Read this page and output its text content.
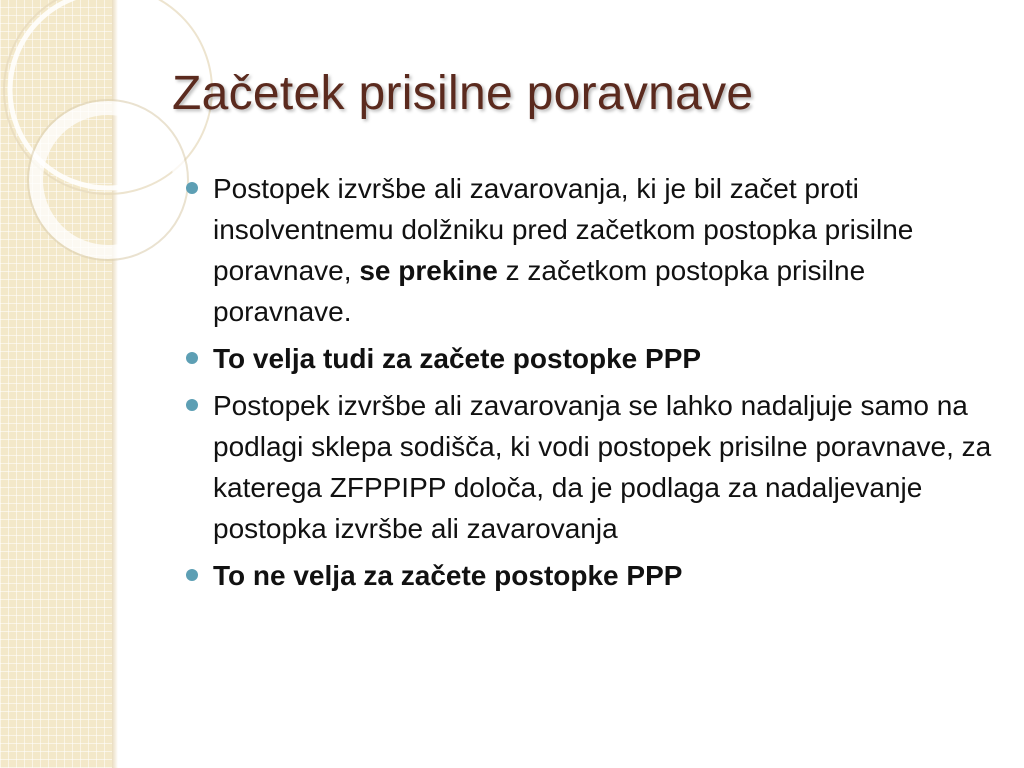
Začetek prisilne poravnave
Postopek izvršbe ali zavarovanja, ki je bil začet proti insolventnemu dolžniku pred začetkom postopka prisilne poravnave, se prekine z začetkom postopka prisilne poravnave.
To velja tudi za začete postopke PPP
Postopek izvršbe ali zavarovanja se lahko nadaljuje samo na podlagi sklepa sodišča, ki vodi postopek prisilne poravnave, za katerega ZFPPIPP določa, da je podlaga za nadaljevanje postopka izvršbe ali zavarovanja
To ne velja za začete postopke PPP
